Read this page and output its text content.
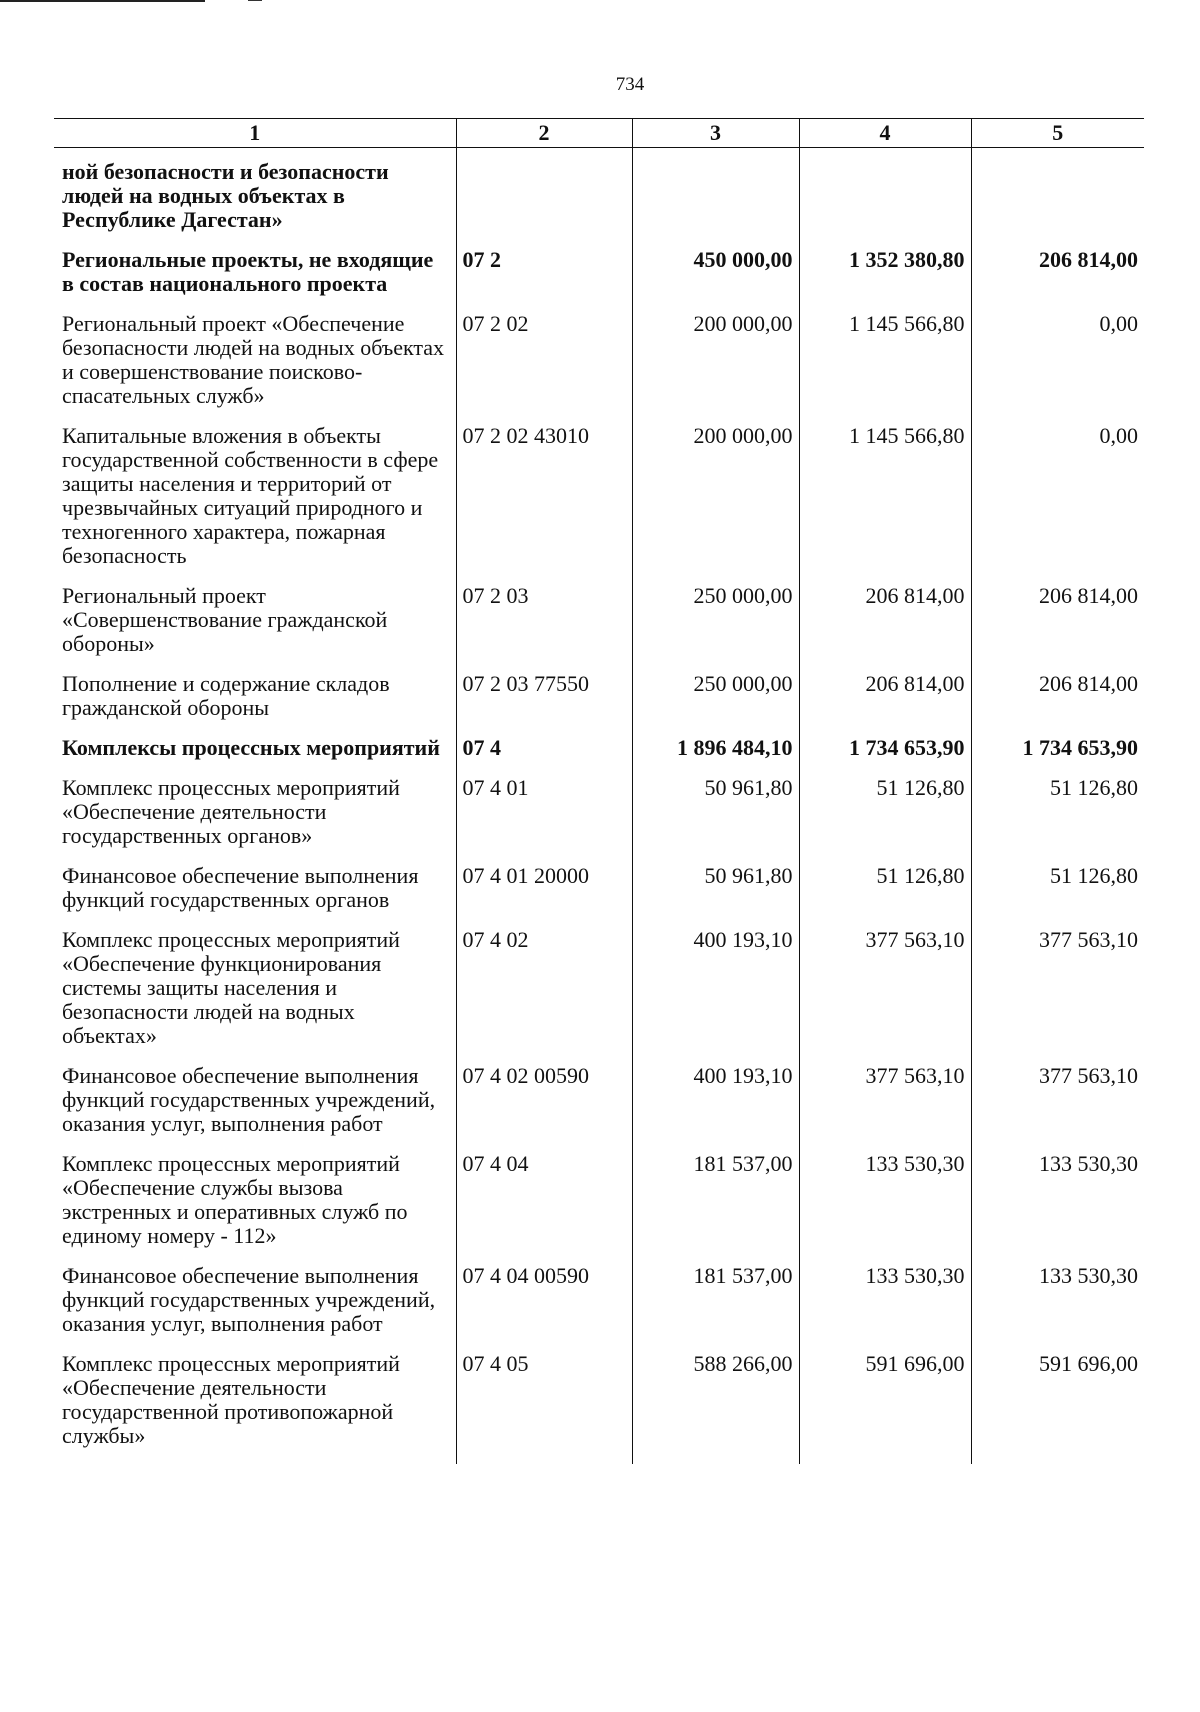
734
1	2	3	4	5
ной безопасности и безопасности людей на водных объектах в Республике Дагестан»				
Региональные проекты, не входящие в состав национального проекта	07 2	450 000,00	1 352 380,80	206 814,00
Региональный проект «Обеспечение безопасности людей на водных объектах и совершенствование поисково-спасательных служб»	07 2 02	200 000,00	1 145 566,80	0,00
Капитальные вложения в объекты государственной собственности в сфере защиты населения и территорий от чрезвычайных ситуаций природного и техногенного характера, пожарная безопасность	07 2 02 43010	200 000,00	1 145 566,80	0,00
Региональный проект «Совершенствование гражданской обороны»	07 2 03	250 000,00	206 814,00	206 814,00
Пополнение и содержание складов гражданской обороны	07 2 03 77550	250 000,00	206 814,00	206 814,00
Комплексы процессных мероприятий	07 4	1 896 484,10	1 734 653,90	1 734 653,90
Комплекс процессных мероприятий «Обеспечение деятельности государственных органов»	07 4 01	50 961,80	51 126,80	51 126,80
Финансовое обеспечение выполнения функций государственных органов	07 4 01 20000	50 961,80	51 126,80	51 126,80
Комплекс процессных мероприятий «Обеспечение функционирования системы защиты населения и безопасности людей на водных объектах»	07 4 02	400 193,10	377 563,10	377 563,10
Финансовое обеспечение выполнения функций государственных учреждений, оказания услуг, выполнения работ	07 4 02 00590	400 193,10	377 563,10	377 563,10
Комплекс процессных мероприятий «Обеспечение службы вызова экстренных и оперативных служб по единому номеру - 112»	07 4 04	181 537,00	133 530,30	133 530,30
Финансовое обеспечение выполнения функций государственных учреждений, оказания услуг, выполнения работ	07 4 04 00590	181 537,00	133 530,30	133 530,30
Комплекс процессных мероприятий «Обеспечение деятельности государственной противопожарной службы»	07 4 05	588 266,00	591 696,00	591 696,00
